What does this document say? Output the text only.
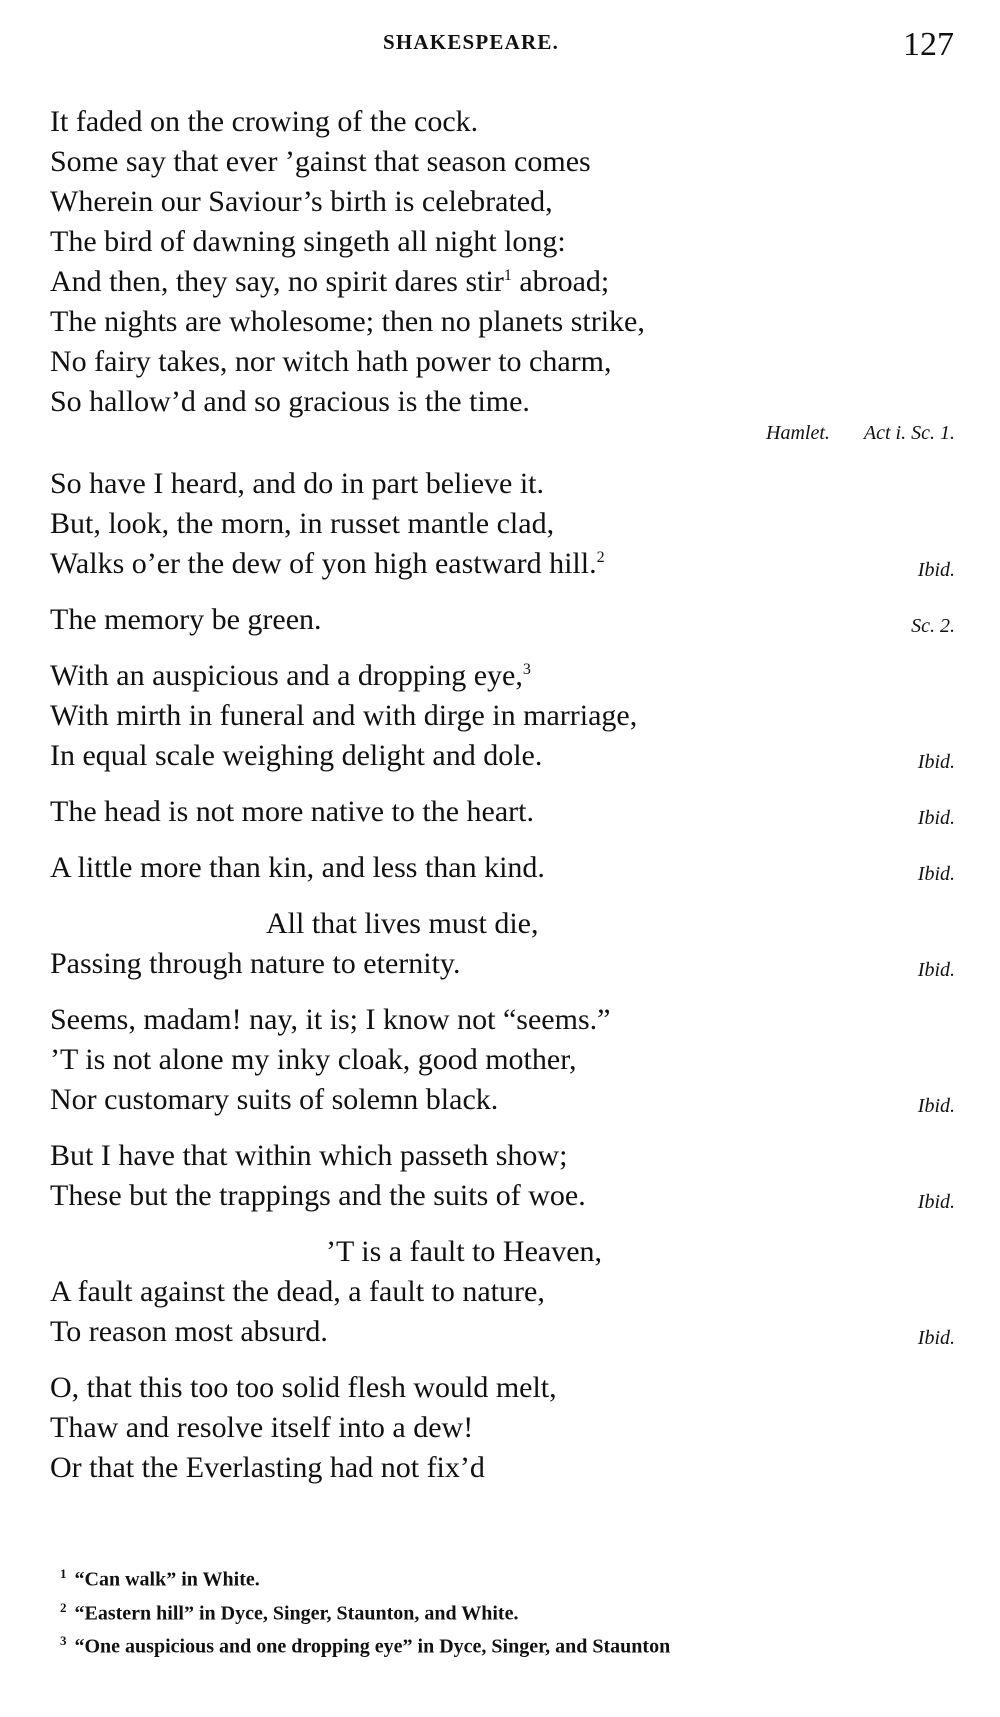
SHAKESPEARE.	127
It faded on the crowing of the cock.
Some say that ever ’gainst that season comes
Wherein our Saviour’s birth is celebrated,
The bird of dawning singeth all night long:
And then, they say, no spirit dares stir$^1$ abroad;
The nights are wholesome; then no planets strike,
No fairy takes, nor witch hath power to charm,
So hallow’d and so gracious is the time.
Hamlet. Act i. Sc. 1.
So have I heard, and do in part believe it.
But, look, the morn, in russet mantle clad,
Walks o’er the dew of yon high eastward hill.$^2$
Ibid.
The memory be green.	Sc. 2.
With an auspicious and a dropping eye,$^3$
With mirth in funeral and with dirge in marriage,
In equal scale weighing delight and dole.	Ibid.
The head is not more native to the heart.	Ibid.
A little more than kin, and less than kind.	Ibid.
All that lives must die,
Passing through nature to eternity.	Ibid.
Seems, madam! nay, it is; I know not “seems.”
’T is not alone my inky cloak, good mother,
Nor customary suits of solemn black.	Ibid.
But I have that within which passeth show;
These but the trappings and the suits of woe.	Ibid.
’T is a fault to Heaven,
A fault against the dead, a fault to nature,
To reason most absurd.	Ibid.
O, that this too too solid flesh would melt,
Thaw and resolve itself into a dew!
Or that the Everlasting had not fix’d
$^1$ “Can walk” in White.
$^2$ “Eastern hill” in Dyce, Singer, Staunton, and White.
$^3$ “One auspicious and one dropping eye” in Dyce, Singer, and Staunton
